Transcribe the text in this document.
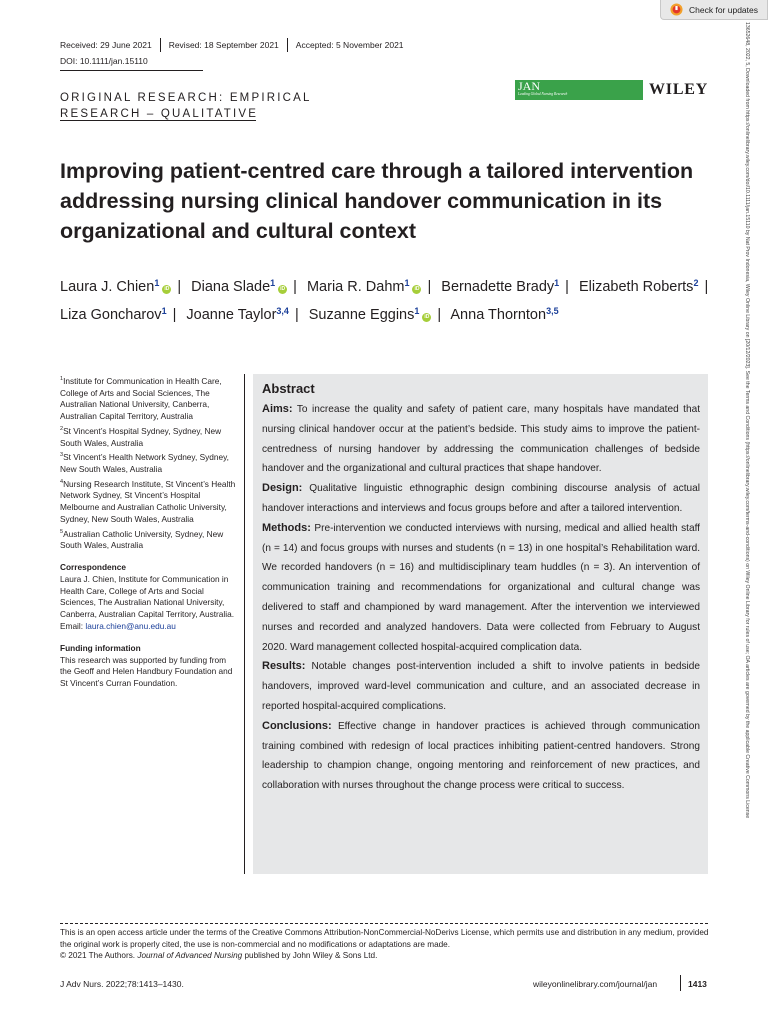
Check for updates
Received: 29 June 2021 Revised: 18 September 2021 Accepted: 5 November 2021
DOI: 10.1111/jan.15110
ORIGINAL RESEARCH: EMPIRICAL
RESEARCH – QUALITATIVE
JAN
Leading Global Nursing Research	WILEY
Improving patient-centred care through a tailored intervention addressing nursing clinical handover communication in its organizational and cultural context
Laura J. Chien$^1$iD | Diana Slade$^1$iD | Maria R. Dahm$^1$iD | Bernadette Brady$^1$ | Elizabeth Roberts$^2$ | Liza Goncharov$^1$ | Joanne Taylor$^{3,4}$ | Suzanne Eggins$^1$iD | Anna Thornton$^{3,5}$
$^1$Institute for Communication in Health Care, College of Arts and Social Sciences, The Australian National University, Canberra, Australian Capital Territory, Australia
$^2$St Vincent’s Hospital Sydney, Sydney, New South Wales, Australia
$^3$St Vincent’s Health Network Sydney, Sydney, New South Wales, Australia
$^4$Nursing Research Institute, St Vincent’s Health Network Sydney, St Vincent’s Hospital Melbourne and Australian Catholic University, Sydney, New South Wales, Australia
$^5$Australian Catholic University, Sydney, New South Wales, Australia
Correspondence
Laura J. Chien, Institute for Communication in Health Care, College of Arts and Social Sciences, The Australian National University, Canberra, Australian Capital Territory, Australia.
Email: laura.chien@anu.edu.au
Funding information
This research was supported by funding from the Geoff and Helen Handbury Foundation and St Vincent’s Curran Foundation.
Abstract

Aims: To increase the quality and safety of patient care, many hospitals have mandated that nursing clinical handover occur at the patient’s bedside. This study aims to improve the patient-centredness of nursing handover by addressing the communication challenges of bedside handover and the organizational and cultural practices that shape handover.

Design: Qualitative linguistic ethnographic design combining discourse analysis of actual handover interactions and interviews and focus groups before and after a tailored intervention.

Methods: Pre-intervention we conducted interviews with nursing, medical and allied health staff (n = 14) and focus groups with nurses and students (n = 13) in one hospital’s Rehabilitation ward. We recorded handovers (n = 16) and multidisciplinary team huddles (n = 3). An intervention of communication training and recommendations for organizational and cultural change was delivered to staff and championed by ward management. After the intervention we interviewed nurses and recorded and analyzed handovers. Data were collected from February to August 2020. Ward management collected hospital-acquired complication data.

Results: Notable changes post-intervention included a shift to involve patients in bedside handovers, improved ward-level communication and culture, and an associated decrease in reported hospital-acquired complications.

Conclusions: Effective change in handover practices is achieved through communication training combined with redesign of local practices inhibiting patient-centred handovers. Strong leadership to champion change, ongoing mentoring and reinforcement of new practices, and collaboration with nurses throughout the change process were critical to success.

This is an open access article under the terms of the Creative Commons Attribution-NonCommercial-NoDerivs License, which permits use and distribution in any medium, provided the original work is properly cited, the use is non-commercial and no modifications or adaptations are made.
© 2021 The Authors. Journal of Advanced Nursing published by John Wiley & Sons Ltd.
J Adv Nurs. 2022;78:1413–1430.	wileyonlinelibrary.com/journal/jan	1413
13652648, 2022, 5, Downloaded from https://onlinelibrary.wiley.com/doi/10.1111/jan.15110 by Nat Prov Indonesia, Wiley Online Library on [20/12/2023]. See the Terms and Conditions (https://onlinelibrary.wiley.com/terms-and-conditions) on Wiley Online Library for rules of use; OA articles are governed by the applicable Creative Commons License
